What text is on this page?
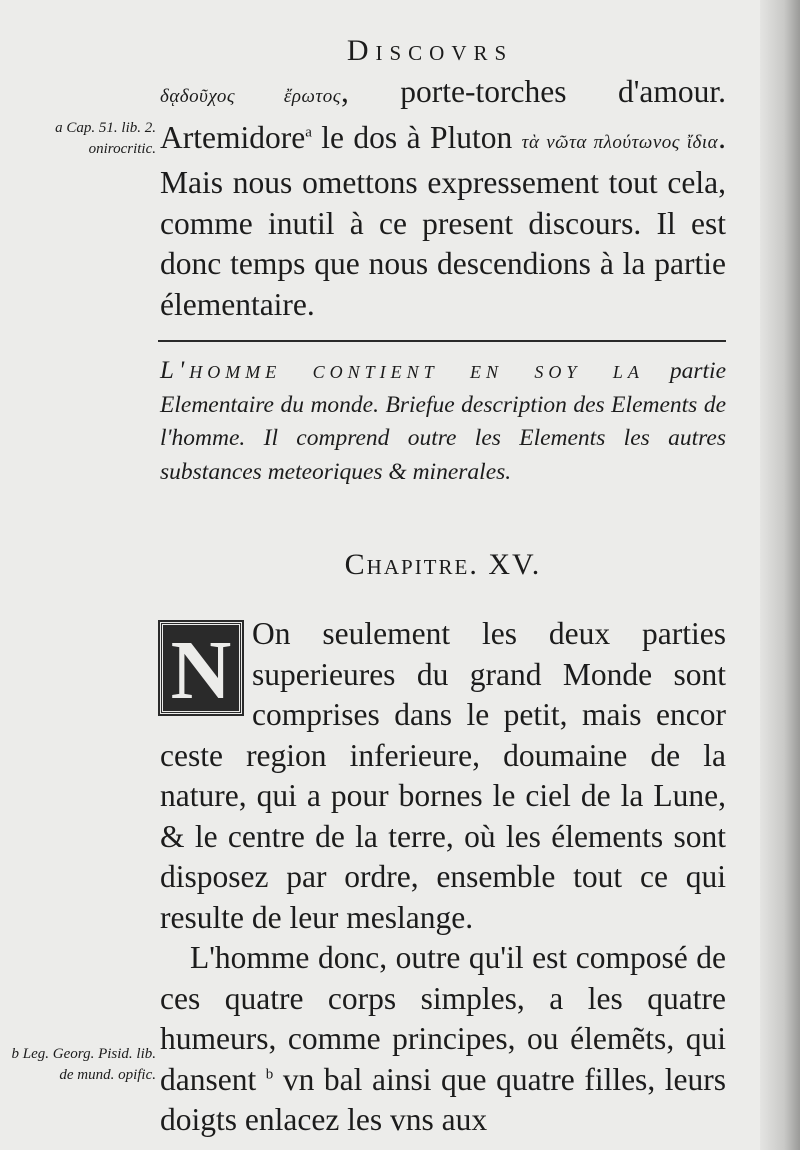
Discovrs

δᾳδοῦχος ἔρωτος, porte-torches d'amour. Artemidore$^a$ le dos à Pluton τὰ νῶτα πλούτωνος ἴδια. Mais nous omettons expressement tout cela, comme inutil à ce present discours. Il est donc temps que nous descendions à la partie élementaire.

L'homme contient en soy la partie Elementaire du monde. Briefue description des Elements de l'homme. Il comprend outre les Elements les autres substances meteoriques & minerales.
Chapitre. XV.
N On seulement les deux parties superieures du grand Monde sont comprises dans le petit, mais encor ceste region inferieure, doumaine de la nature, qui a pour bornes le ciel de la Lune, & le centre de la terre, où les élements sont disposez par ordre, ensemble tout ce qui resulte de leur meslange.

L'homme donc, outre qu'il est composé de ces quatre corps simples, a les quatre humeurs, comme principes, ou élemẽts, qui dansent $^b$ vn bal ainsi que quatre filles, leurs doigts enlacez les vns aux

a Cap. 51. lib. 2. onirocritic.
b Leg. Georg. Pisid. lib. de mund. opific.
